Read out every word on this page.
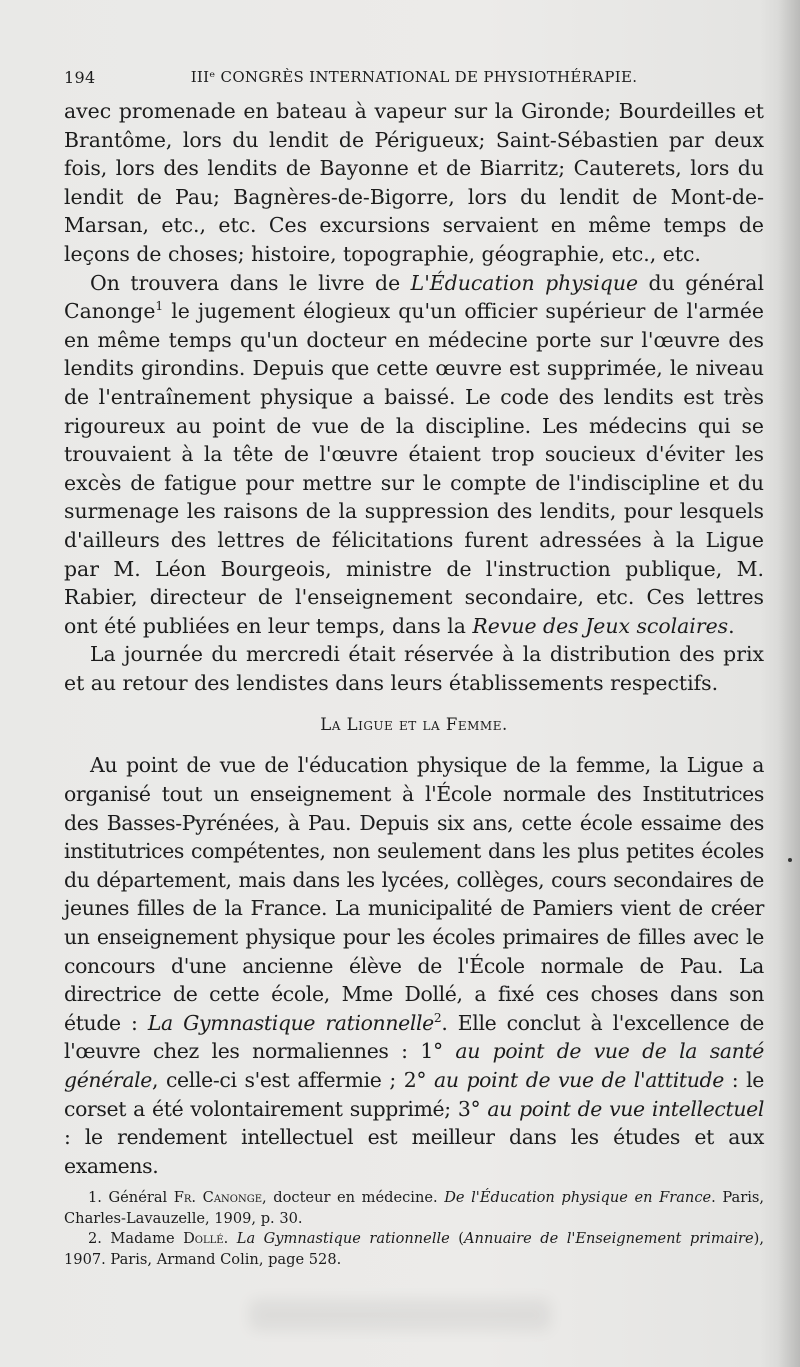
194	IIIᵉ CONGRÈS INTERNATIONAL DE PHYSIOTHÉRAPIE.

avec promenade en bateau à vapeur sur la Gironde; Bourdeilles et Brantôme, lors du lendit de Périgueux; Saint-Sébastien par deux fois, lors des lendits de Bayonne et de Biarritz; Cauterets, lors du lendit de Pau; Bagnères-de-Bigorre, lors du lendit de Mont-de-Marsan, etc., etc. Ces excursions servaient en même temps de leçons de choses; histoire, topographie, géographie, etc., etc.

On trouvera dans le livre de L'Éducation physique du général Canonge$^1$ le jugement élogieux qu'un officier supérieur de l'armée en même temps qu'un docteur en médecine porte sur l'œuvre des lendits girondins. Depuis que cette œuvre est supprimée, le niveau de l'entraînement physique a baissé. Le code des lendits est très rigoureux au point de vue de la discipline. Les médecins qui se trouvaient à la tête de l'œuvre étaient trop soucieux d'éviter les excès de fatigue pour mettre sur le compte de l'indiscipline et du surmenage les raisons de la suppression des lendits, pour lesquels d'ailleurs des lettres de félicitations furent adressées à la Ligue par M. Léon Bourgeois, ministre de l'instruction publique, M. Rabier, directeur de l'enseignement secondaire, etc. Ces lettres ont été publiées en leur temps, dans la Revue des Jeux scolaires.

La journée du mercredi était réservée à la distribution des prix et au retour des lendistes dans leurs établissements respectifs.

La Ligue et la Femme.

Au point de vue de l'éducation physique de la femme, la Ligue a organisé tout un enseignement à l'École normale des Institutrices des Basses-Pyrénées, à Pau. Depuis six ans, cette école essaime des institutrices compétentes, non seulement dans les plus petites écoles du département, mais dans les lycées, collèges, cours secondaires de jeunes filles de la France. La municipalité de Pamiers vient de créer un enseignement physique pour les écoles primaires de filles avec le concours d'une ancienne élève de l'École normale de Pau. La directrice de cette école, Mme Dollé, a fixé ces choses dans son étude : La Gymnastique rationnelle$^2$. Elle conclut à l'excellence de l'œuvre chez les normaliennes : 1° au point de vue de la santé générale, celle-ci s'est affermie ; 2° au point de vue de l'attitude : le corset a été volontairement supprimé; 3° au point de vue intellectuel : le rendement intellectuel est meilleur dans les études et aux examens.

1. Général Fr. Canonge, docteur en médecine. De l'Éducation physique en France. Paris, Charles-Lavauzelle, 1909, p. 30.

2. Madame Dollé. La Gymnastique rationnelle (Annuaire de l'Enseignement primaire), 1907. Paris, Armand Colin, page 528.
